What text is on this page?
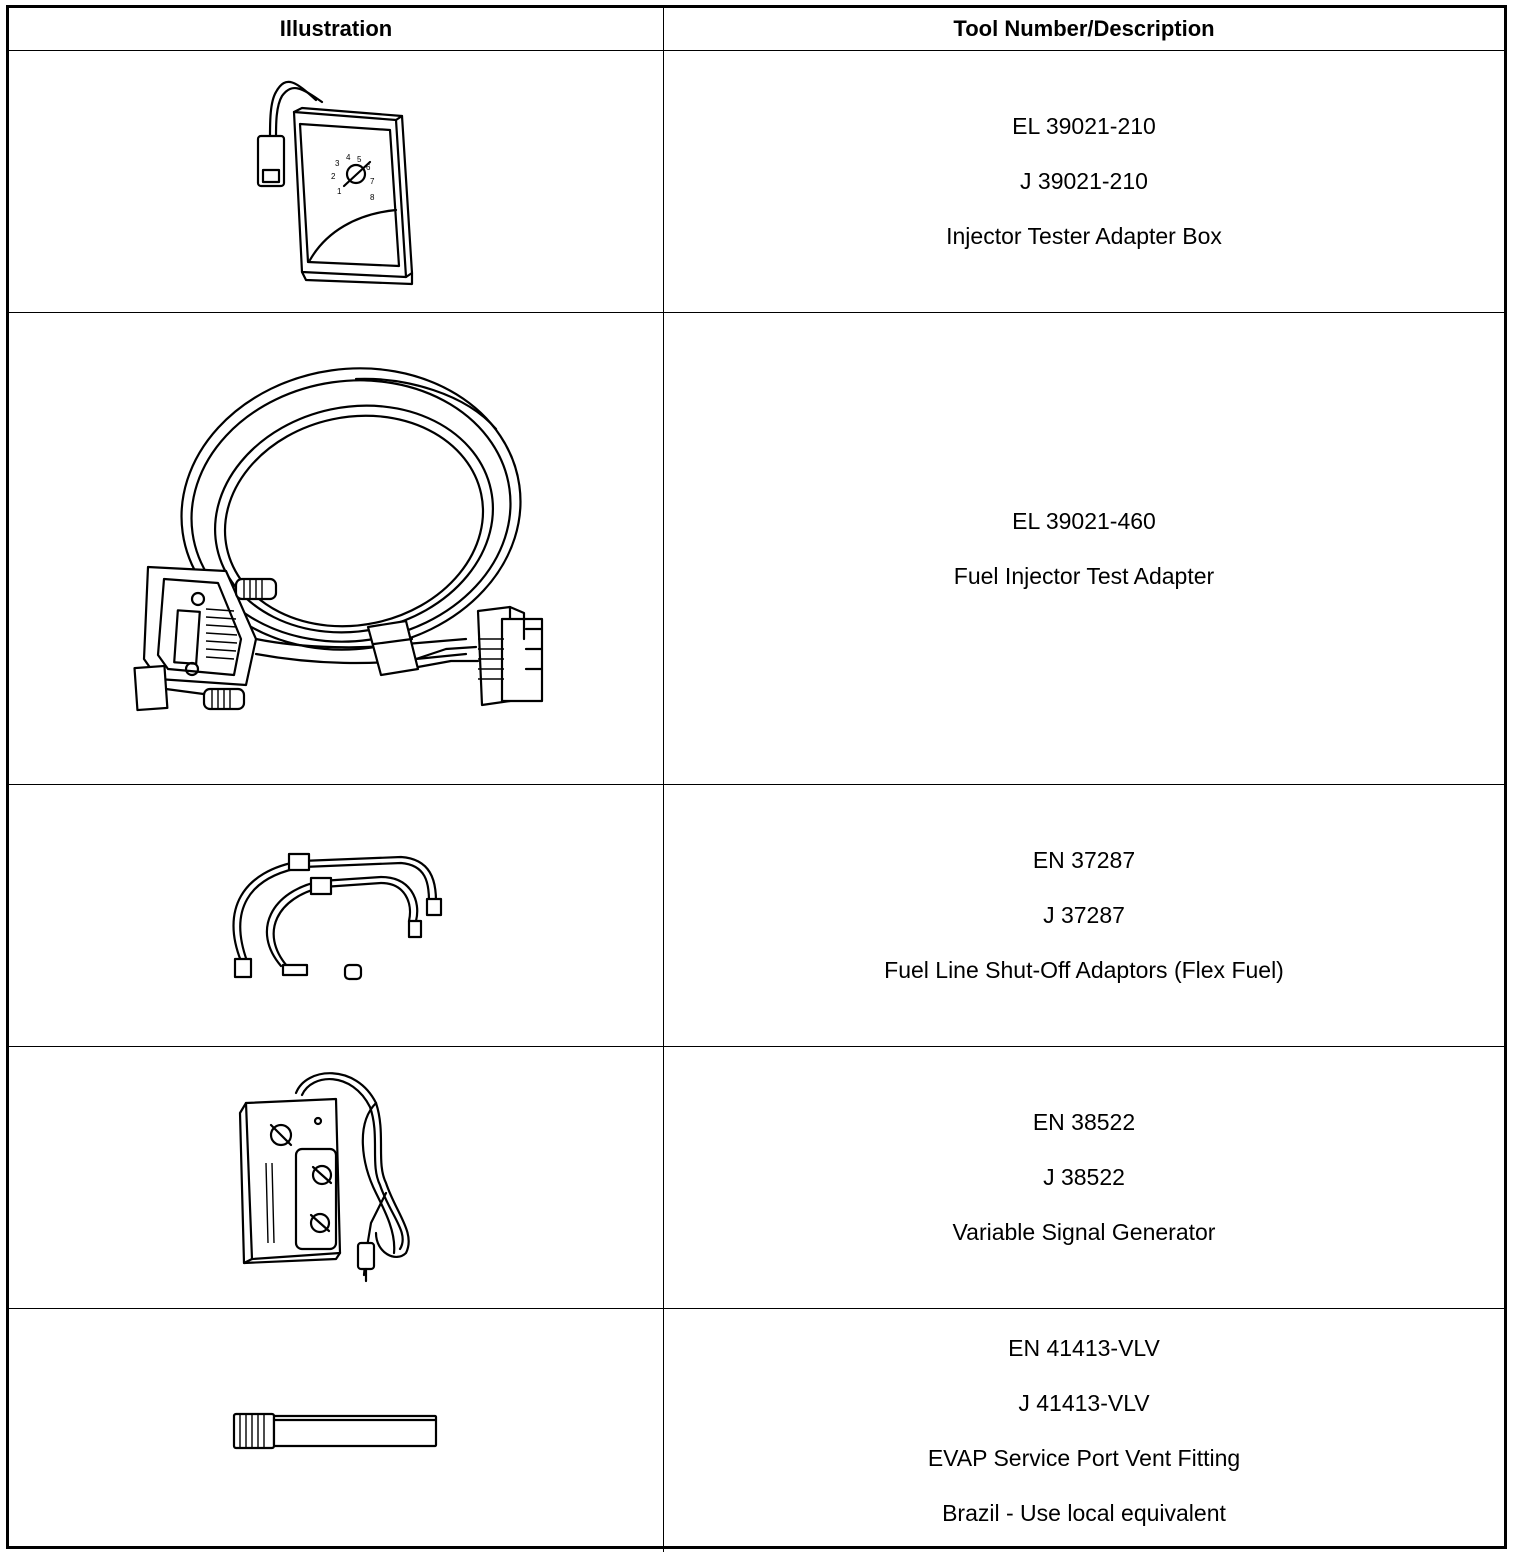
Illustration	Tool Number/Description
1
2
3
4 5
6
7
8
EL 39021-210
J 39021-210
Injector Tester Adapter Box
EL 39021-460
Fuel Injector Test Adapter
EN 37287
J 37287
Fuel Line Shut-Off Adaptors (Flex Fuel)
EN 38522
J 38522
Variable Signal Generator
EN 41413-VLV
J 41413-VLV
EVAP Service Port Vent Fitting
Brazil - Use local equivalent
